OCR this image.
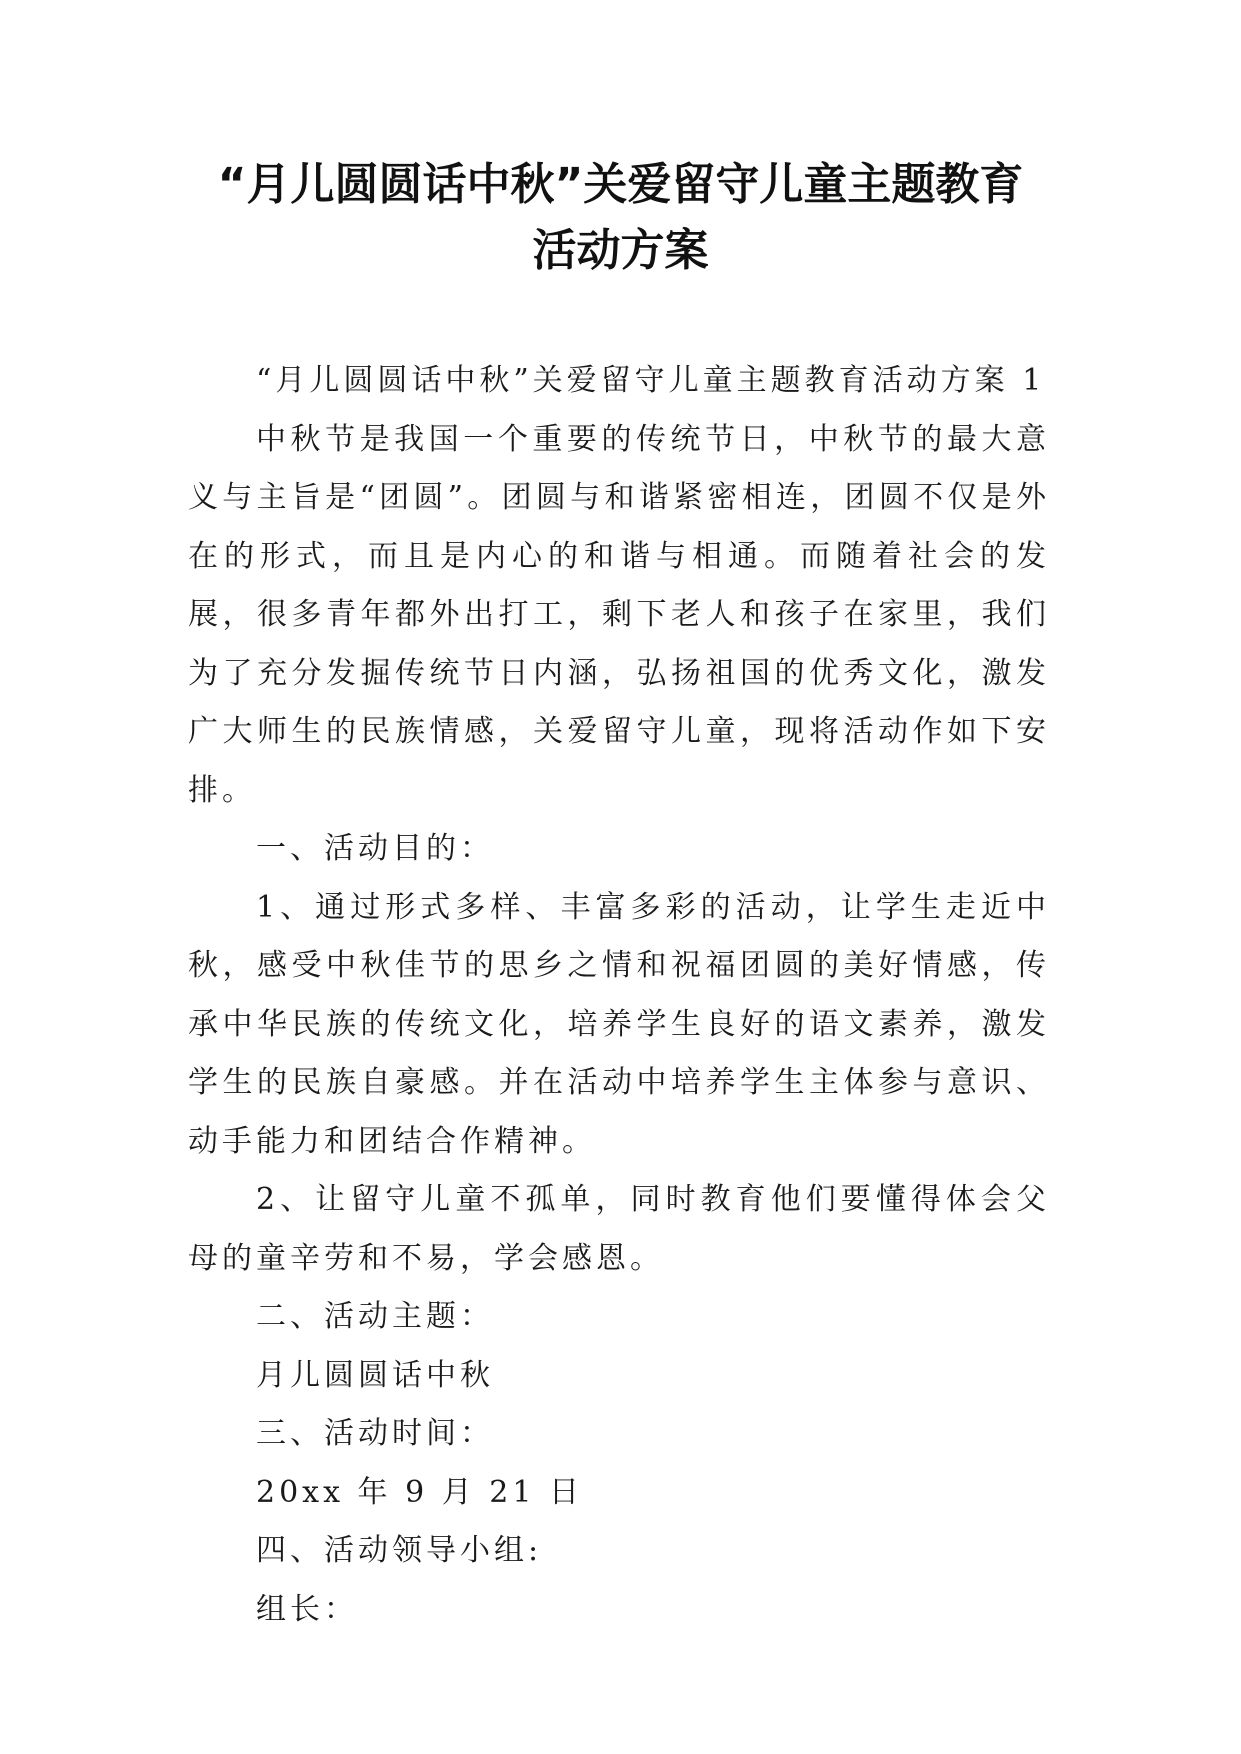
“月儿圆圆话中秋”关爱留守儿童主题教育
活动方案

“月儿圆圆话中秋”关爱留守儿童主题教育活动方案 1

中秋节是我国一个重要的传统节日，中秋节的最大意义与主旨是“团圆”。团圆与和谐紧密相连，团圆不仅是外在的形式，而且是内心的和谐与相通。而随着社会的发展，很多青年都外出打工，剩下老人和孩子在家里，我们为了充分发掘传统节日内涵，弘扬祖国的优秀文化，激发广大师生的民族情感，关爱留守儿童，现将活动作如下安排。

一、活动目的：

1、通过形式多样、丰富多彩的活动，让学生走近中秋，感受中秋佳节的思乡之情和祝福团圆的美好情感，传承中华民族的传统文化，培养学生良好的语文素养，激发学生的民族自豪感。并在活动中培养学生主体参与意识、动手能力和团结合作精神。

2、让留守儿童不孤单，同时教育他们要懂得体会父母的童辛劳和不易，学会感恩。

二、活动主题：

月儿圆圆话中秋

三、活动时间：

20xx 年 9 月 21 日

四、活动领导小组:

组长：
